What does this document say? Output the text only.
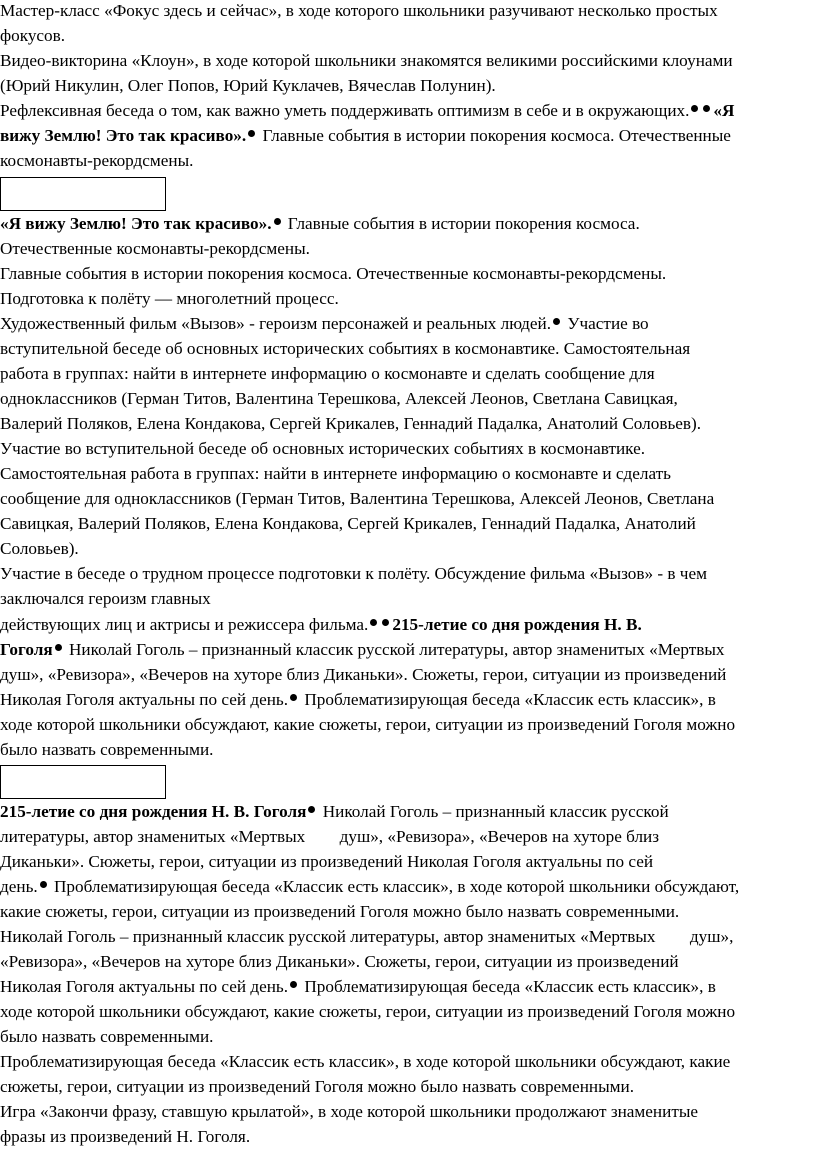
Мастер-класс «Фокус здесь и сейчас», в ходе которого школьники разучивают несколько простых
фокусов.
Видео-викторина «Клоун», в ходе которой школьники знакомятся великими российскими клоунами
(Юрий Никулин, Олег Попов, Юрий Куклачев, Вячеслав Полунин).
Рефлексивная беседа о том, как важно уметь поддерживать оптимизм в себе и в окружающих. «Я
вижу Землю! Это так красиво». Главные события в истории покорения космоса. Отечественные
космонавты-рекордсмены.
«Я вижу Землю! Это так красиво». Главные события в истории покорения космоса.
Отечественные космонавты-рекордсмены.
Главные события в истории покорения космоса. Отечественные космонавты-рекордсмены.
Подготовка к полёту — многолетний процесс.
Художественный фильм «Вызов» - героизм персонажей и реальных людей. Участие во
вступительной беседе об основных исторических событиях в космонавтике. Самостоятельная
работа в группах: найти в интернете информацию о космонавте и сделать сообщение для
одноклассников (Герман Титов, Валентина Терешкова, Алексей Леонов, Светлана Савицкая,
Валерий Поляков, Елена Кондакова, Сергей Крикалев, Геннадий Падалка, Анатолий Соловьев).
Участие во вступительной беседе об основных исторических событиях в космонавтике.
Самостоятельная работа в группах: найти в интернете информацию о космонавте и сделать
сообщение для одноклассников (Герман Титов, Валентина Терешкова, Алексей Леонов, Светлана
Савицкая, Валерий Поляков, Елена Кондакова, Сергей Крикалев, Геннадий Падалка, Анатолий
Соловьев).
Участие в беседе о трудном процессе подготовки к полёту. Обсуждение фильма «Вызов» - в чем
заключался героизм главных
действующих лиц и актрисы и режиссера фильма. 215-летие со дня рождения Н. В.
Гоголя Николай Гоголь – признанный классик русской литературы, автор знаменитых «Мертвых
душ», «Ревизора», «Вечеров на хуторе близ Диканьки». Сюжеты, герои, ситуации из произведений
Николая Гоголя актуальны по сей день. Проблематизирующая беседа «Классик есть классик», в
ходе которой школьники обсуждают, какие сюжеты, герои, ситуации из произведений Гоголя можно
было назвать современными.
215-летие со дня рождения Н. В. Гоголя Николай Гоголь – признанный классик русской
литературы, автор знаменитых «Мертвых        душ», «Ревизора», «Вечеров на хуторе близ
Диканьки». Сюжеты, герои, ситуации из произведений Николая Гоголя актуальны по сей
день. Проблематизирующая беседа «Классик есть классик», в ходе которой школьники обсуждают,
какие сюжеты, герои, ситуации из произведений Гоголя можно было назвать современными.
Николай Гоголь – признанный классик русской литературы, автор знаменитых «Мертвых        душ»,
«Ревизора», «Вечеров на хуторе близ Диканьки». Сюжеты, герои, ситуации из произведений
Николая Гоголя актуальны по сей день. Проблематизирующая беседа «Классик есть классик», в
ходе которой школьники обсуждают, какие сюжеты, герои, ситуации из произведений Гоголя можно
было назвать современными.
Проблематизирующая беседа «Классик есть классик», в ходе которой школьники обсуждают, какие
сюжеты, герои, ситуации из произведений Гоголя можно было назвать современными.
Игра «Закончи фразу, ставшую крылатой», в ходе которой школьники продолжают знаменитые
фразы из произведений Н. Гоголя.
